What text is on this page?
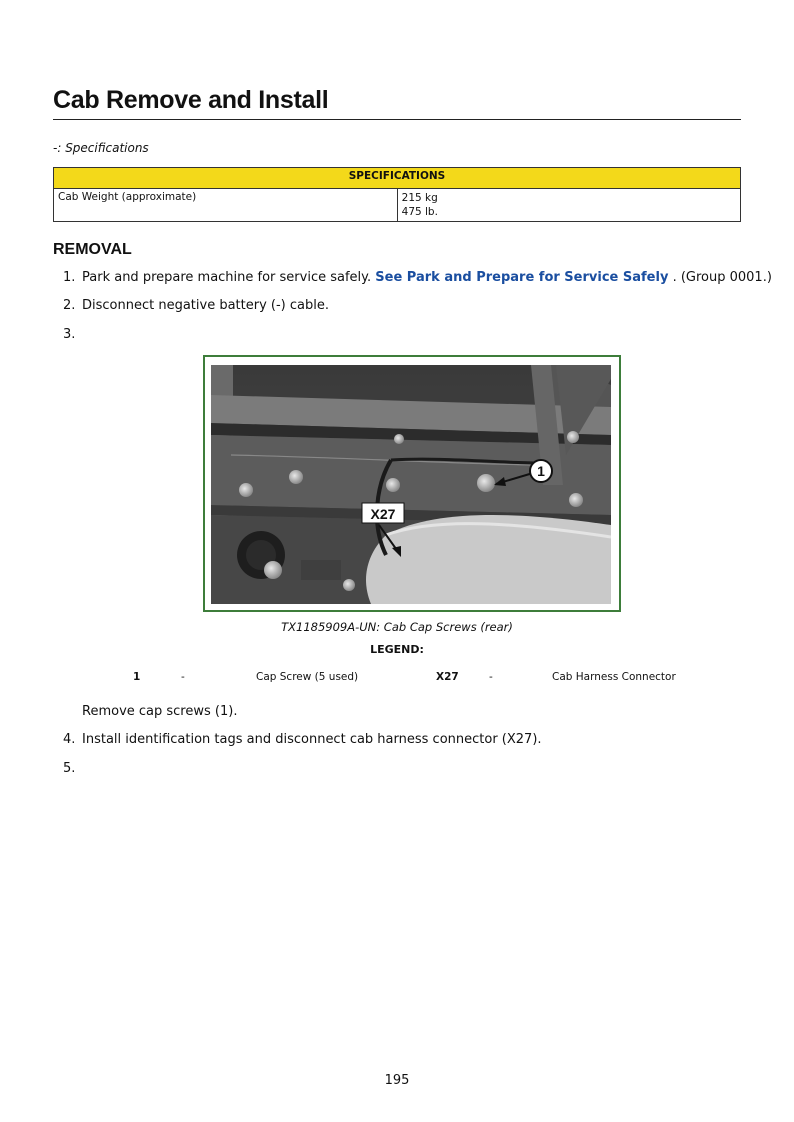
Cab Remove and Install
-: Specifications
SPECIFICATIONS
Cab Weight (approximate)	215 kg
475 lb.
REMOVAL
1. Park and prepare machine for service safely. See Park and Prepare for Service Safely . (Group 0001.)
2. Disconnect negative battery (-) cable.
3.
1
X27
TX1185909A-UN: Cab Cap Screws (rear)
LEGEND:
1	-	Cap Screw (5 used)	X27	-	Cab Harness Connector
Remove cap screws (1).
4. Install identification tags and disconnect cab harness connector (X27).
5.
195
